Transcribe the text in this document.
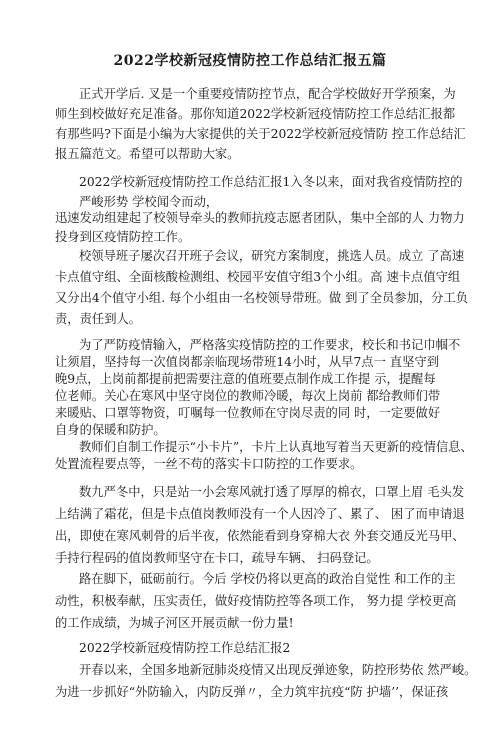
2022学校新冠疫情防控工作总结汇报五篇
正式开学后. 叉是一个重要疫情防控节点，配合学校做好开学预案，为
师生到校做好充足准备。那你知道2022学校新冠疫情防控工作总结汇报都
有那些吗?下面是小编为大家提供的关于2022学校新冠疫情防 控工作总结汇
报五篇范文。希望可以帮助大家。
2022学校新冠疫情防控工作总结汇报1入冬以来，面对我省疫情防控的
严峻形势 学校闻令而动，
迅速发动组建起了校领导牵头的教师抗疫志愿者团队，集中全部的人 力物力
投身到区疫情防控工作。
校领导班子屡次召开班子会议，研究方案制度，挑选人员。成立 了高速
卡点值守组、全面核酸检测组、校园平安值守组3个小组。高 速卡点值守组
又分出4个值守小组. 每个小组由一名校领导带班。做 到了全员参加，分工负
责，责任到人。
为了严防疫情输入，严格落实疫情防控的工作要求，校长和书记巾帼不
让须眉，坚持每一次值岗都亲临现场带班14小时，从早7点一 直坚守到
晚9点，上岗前都提前把需要注意的值班要点制作成工作提 示，提醒每
位老师。关心在寒风中坚守岗位的教师冷暖，每次上岗前 都给教师们带
来暖贴、口罩等物资，叮嘱每一位教师在守岗尽责的同 时，一定要做好
自身的保暖和防护。
教师们自制工作提示“小卡片”，卡片上认真地写着当天更新的疫情信息、
处置流程要点等，一丝不苟的落实卡口防控的工作要求。
数九严冬中，只是站一小会寒风就打透了厚厚的棉衣，口罩上眉 毛头发
上结满了霜花，但是卡点值岗教师没有一个人因冷了、累了、 困了而申请退
出，即使在寒风刺骨的后半夜，依然能看到身穿棉大衣 外套交通反光马甲、
手持行程码的值岗教师坚守在卡口，疏导车辆、 扫码登记。
路在脚下，砥砺前行。今后 学校仍将以更高的政治自觉性 和工作的主
动性，积极奉献，压实责任，做好疫情防控等各项工作， 努力提 学校更高
的工作成绩，为城子河区开展贡献一份力量!
2022学校新冠疫情防控工作总结汇报2
开春以来，全国多地新冠肺炎疫情又出现反弹迹象，防控形势依 然严峻。
为进一步抓好“外防输入，内防反弹〃，全力筑牢抗疫“防 护墙’’，保证孩
